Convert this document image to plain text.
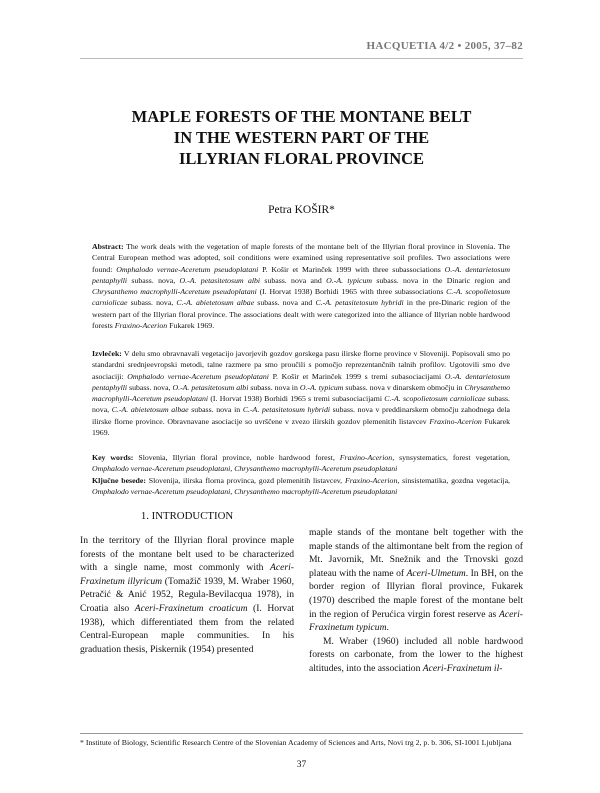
HACQUETIA 4/2 • 2005, 37–82
MAPLE FORESTS OF THE MONTANE BELT
IN THE WESTERN PART OF THE
ILLYRIAN FLORAL PROVINCE
Petra KOŠIR*
Abstract: The work deals with the vegetation of maple forests of the montane belt of the Illyrian floral province in Slovenia. The Central European method was adopted, soil conditions were examined using representative soil profiles. Two associations were found: Omphalodo vernae-Aceretum pseudoplatani P. Košir et Marinček 1999 with three subassociations O.-A. dentarietosum pentaphylli subass. nova, O.-A. petasitetosum albi subass. nova and O.-A. typicum subass. nova in the Dinaric region and Chrysanthemo macrophylli-Aceretum pseudoplatani (I. Horvat 1938) Borhidi 1965 with three subassociations C.-A. scopolietosum carniolicae subass. nova, C.-A. abietetosum albae subass. nova and C.-A. petasitetosum hybridi in the pre-Dinaric region of the western part of the Illyrian floral province. The associations dealt with were categorized into the alliance of Illyrian noble hardwood forests Fraxino-Acerion Fukarek 1969.
Izvleček: V delu smo obravnavali vegetacijo javorjevih gozdov gorskega pasu ilirske florne province v Sloveniji. Popisovali smo po standardni srednjeevropski metodi, talne razmere pa smo proučili s pomočjo reprezentančnih talnih profilov. Ugotovili smo dve asociaciji: Omphalodo vernae-Aceretum pseudoplatani P. Košir et Marinček 1999 s tremi subasociacijami O.-A. dentarietosum pentaphylli subass. nova, O.-A. petasitetosum albi subass. nova in O.-A. typicum subass. nova v dinarskem območju in Chrysanthemo macrophylli-Aceretum pseudoplatani (I. Horvat 1938) Borhidi 1965 s tremi subasociacijami C.-A. scopolietosum carniolicae subass. nova, C.-A. abietetosum albae subass. nova in C.-A. petasitetosum hybridi subass. nova v preddinarskem območju zahodnega dela ilirske florne province. Obravnavane asociacije so uvrščene v zvezo ilirskih gozdov plemenitih listavcev Fraxino-Acerion Fukarek 1969.
Key words: Slovenia, Illyrian floral province, noble hardwood forest, Fraxino-Acerion, synsystematics, forest vegetation, Omphalodo vernae-Aceretum pseudoplatani, Chrysanthemo macrophylli-Aceretum pseudoplatani
Ključne besede: Slovenija, ilirska florna provinca, gozd plemenitih listavcev, Fraxino-Acerion, sinsistematika, gozdna vegetacija, Omphalodo vernae-Aceretum pseudoplatani, Chrysanthemo macrophylli-Aceretum pseudoplatani
1. INTRODUCTION

In the territory of the Illyrian floral province maple forests of the montane belt used to be characterized with a single name, most commonly with Aceri-Fraxinetum illyricum (Tomažič 1939, M. Wraber 1960, Petračić & Anić 1952, Regula-Bevilacqua 1978), in Croatia also Aceri-Fraxinetum croaticum (I. Horvat 1938), which differentiated them from the related Central-European maple communities. In his graduation thesis, Piskernik (1954) presented

maple stands of the montane belt together with the maple stands of the altimontane belt from the region of Mt. Javornik, Mt. Snežnik and the Trnovski gozd plateau with the name of Aceri-Ulmetum. In BH, on the border region of Illyrian floral province, Fukarek (1970) described the maple forest of the montane belt in the region of Perućica virgin forest reserve as Aceri-Fraxinetum typicum.

M. Wraber (1960) included all noble hardwood forests on carbonate, from the lower to the highest altitudes, into the association Aceri-Fraxinetum il-

* Institute of Biology, Scientific Research Centre of the Slovenian Academy of Sciences and Arts, Novi trg 2, p. b. 306, SI-1001 Ljubljana
37
